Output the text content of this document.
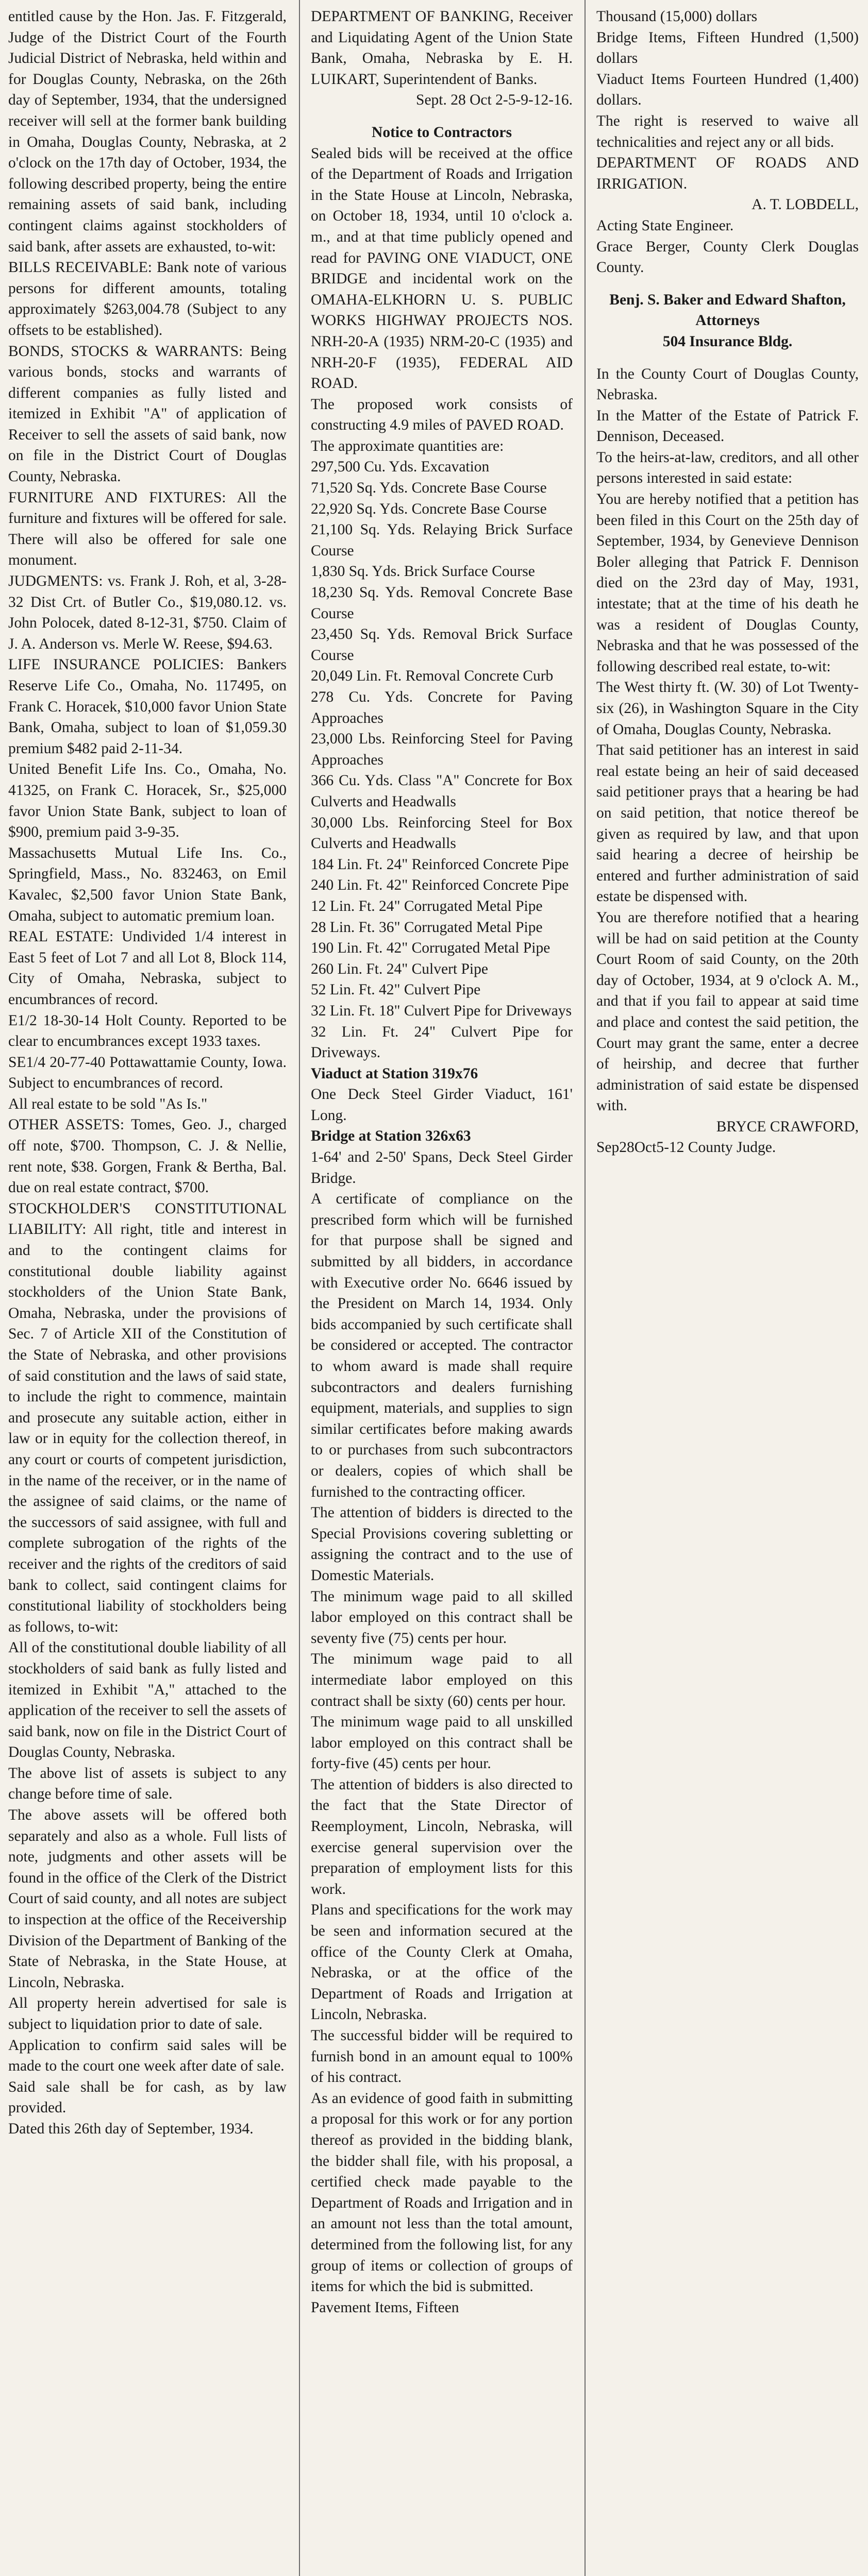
entitled cause by the Hon. Jas. F. Fitzgerald, Judge of the District Court of the Fourth Judicial District of Nebraska, held within and for Douglas County, Nebraska, on the 26th day of September, 1934, that the undersigned receiver will sell at the former bank building in Omaha, Douglas County, Nebraska, at 2 o'clock on the 17th day of October, 1934, the following described property, being the entire remaining assets of said bank, including contingent claims against stockholders of said bank, after assets are exhausted, to-wit:

BILLS RECEIVABLE: Bank note of various persons for different amounts, totaling approximately $263,004.78 (Subject to any offsets to be established).

BONDS, STOCKS & WARRANTS: Being various bonds, stocks and warrants of different companies as fully listed and itemized in Exhibit "A" of application of Receiver to sell the assets of said bank, now on file in the District Court of Douglas County, Nebraska.

FURNITURE AND FIXTURES: All the furniture and fixtures will be offered for sale. There will also be offered for sale one monument.

JUDGMENTS: vs. Frank J. Roh, et al, 3-28-32 Dist Crt. of Butler Co., $19,080.12. vs. John Polocek, dated 8-12-31, $750. Claim of J. A. Anderson vs. Merle W. Reese, $94.63.

LIFE INSURANCE POLICIES: Bankers Reserve Life Co., Omaha, No. 117495, on Frank C. Horacek, $10,000 favor Union State Bank, Omaha, subject to loan of $1,059.30 premium $482 paid 2-11-34.

United Benefit Life Ins. Co., Omaha, No. 41325, on Frank C. Horacek, Sr., $25,000 favor Union State Bank, subject to loan of $900, premium paid 3-9-35.

Massachusetts Mutual Life Ins. Co., Springfield, Mass., No. 832463, on Emil Kavalec, $2,500 favor Union State Bank, Omaha, subject to automatic premium loan.

REAL ESTATE: Undivided 1/4 interest in East 5 feet of Lot 7 and all Lot 8, Block 114, City of Omaha, Nebraska, subject to encumbrances of record.

E1/2 18-30-14 Holt County. Reported to be clear to encumbrances except 1933 taxes.

SE1/4 20-77-40 Pottawattamie County, Iowa. Subject to encumbrances of record.

All real estate to be sold "As Is."

OTHER ASSETS: Tomes, Geo. J., charged off note, $700. Thompson, C. J. & Nellie, rent note, $38. Gorgen, Frank & Bertha, Bal. due on real estate contract, $700.

STOCKHOLDER'S CONSTITUTIONAL LIABILITY: All right, title and interest in and to the contingent claims for constitutional double liability against stockholders of the Union State Bank, Omaha, Nebraska, under the provisions of Sec. 7 of Article XII of the Constitution of the State of Nebraska, and other provisions of said constitution and the laws of said state, to include the right to commence, maintain and prosecute any suitable action, either in law or in equity for the collection thereof, in any court or courts of competent jurisdiction, in the name of the receiver, or in the name of the assignee of said claims, or the name of the successors of said assignee, with full and complete subrogation of the rights of the receiver and the rights of the creditors of said bank to collect, said contingent claims for constitutional liability of stockholders being as follows, to-wit:

All of the constitutional double liability of all stockholders of said bank as fully listed and itemized in Exhibit "A," attached to the application of the receiver to sell the assets of said bank, now on file in the District Court of Douglas County, Nebraska.

The above list of assets is subject to any change before time of sale.

The above assets will be offered both separately and also as a whole. Full lists of note, judgments and other assets will be found in the office of the Clerk of the District Court of said county, and all notes are subject to inspection at the office of the Receivership Division of the Department of Banking of the State of Nebraska, in the State House, at Lincoln, Nebraska.

All property herein advertised for sale is subject to liquidation prior to date of sale.

Application to confirm said sales will be made to the court one week after date of sale.

Said sale shall be for cash, as by law provided.

Dated this 26th day of September, 1934.

DEPARTMENT OF BANKING, Receiver and Liquidating Agent of the Union State Bank, Omaha, Nebraska by E. H. LUIKART, Superintendent of Banks.

Sept. 28 Oct 2-5-9-12-16.

Notice to Contractors

Sealed bids will be received at the office of the Department of Roads and Irrigation in the State House at Lincoln, Nebraska, on October 18, 1934, until 10 o'clock a. m., and at that time publicly opened and read for PAVING ONE VIADUCT, ONE BRIDGE and incidental work on the OMAHA-ELKHORN U. S. PUBLIC WORKS HIGHWAY PROJECTS NOS. NRH-20-A (1935) NRM-20-C (1935) and NRH-20-F (1935), FEDERAL AID ROAD.

The proposed work consists of constructing 4.9 miles of PAVED ROAD.

The approximate quantities are:

297,500 Cu. Yds. Excavation

71,520 Sq. Yds. Concrete Base Course

22,920 Sq. Yds. Concrete Base Course

21,100 Sq. Yds. Relaying Brick Surface Course

1,830 Sq. Yds. Brick Surface Course

18,230 Sq. Yds. Removal Concrete Base Course

23,450 Sq. Yds. Removal Brick Surface Course

20,049 Lin. Ft. Removal Concrete Curb

278 Cu. Yds. Concrete for Paving Approaches

23,000 Lbs. Reinforcing Steel for Paving Approaches

366 Cu. Yds. Class "A" Concrete for Box Culverts and Headwalls

30,000 Lbs. Reinforcing Steel for Box Culverts and Headwalls

184 Lin. Ft. 24" Reinforced Concrete Pipe

240 Lin. Ft. 42" Reinforced Concrete Pipe

12 Lin. Ft. 24" Corrugated Metal Pipe

28 Lin. Ft. 36" Corrugated Metal Pipe

190 Lin. Ft. 42" Corrugated Metal Pipe

260 Lin. Ft. 24" Culvert Pipe

52 Lin. Ft. 42" Culvert Pipe

32 Lin. Ft. 18" Culvert Pipe for Driveways

32 Lin. Ft. 24" Culvert Pipe for Driveways.

Viaduct at Station 319x76

One Deck Steel Girder Viaduct, 161' Long.

Bridge at Station 326x63

1-64' and 2-50' Spans, Deck Steel Girder Bridge.

A certificate of compliance on the prescribed form which will be furnished for that purpose shall be signed and submitted by all bidders, in accordance with Executive order No. 6646 issued by the President on March 14, 1934. Only bids accompanied by such certificate shall be considered or accepted. The contractor to whom award is made shall require subcontractors and dealers furnishing equipment, materials, and supplies to sign similar certificates before making awards to or purchases from such subcontractors or dealers, copies of which shall be furnished to the contracting officer.

The attention of bidders is directed to the Special Provisions covering subletting or assigning the contract and to the use of Domestic Materials.

The minimum wage paid to all skilled labor employed on this contract shall be seventy five (75) cents per hour.

The minimum wage paid to all intermediate labor employed on this contract shall be sixty (60) cents per hour.

The minimum wage paid to all unskilled labor employed on this contract shall be forty-five (45) cents per hour.

The attention of bidders is also directed to the fact that the State Director of Reemployment, Lincoln, Nebraska, will exercise general supervision over the preparation of employment lists for this work.

Plans and specifications for the work may be seen and information secured at the office of the County Clerk at Omaha, Nebraska, or at the office of the Department of Roads and Irrigation at Lincoln, Nebraska.

The successful bidder will be required to furnish bond in an amount equal to 100% of his contract.

As an evidence of good faith in submitting a proposal for this work or for any portion thereof as provided in the bidding blank, the bidder shall file, with his proposal, a certified check made payable to the Department of Roads and Irrigation and in an amount not less than the total amount, determined from the following list, for any group of items or collection of groups of items for which the bid is submitted.

Pavement Items, Fifteen

Thousand (15,000) dollars

Bridge Items, Fifteen Hundred (1,500) dollars

Viaduct Items Fourteen Hundred (1,400) dollars.

The right is reserved to waive all technicalities and reject any or all bids.

DEPARTMENT OF ROADS AND IRRIGATION.

A. T. LOBDELL,

Acting State Engineer.

Grace Berger, County Clerk Douglas County.

Benj. S. Baker and Edward Shafton, Attorneys

504 Insurance Bldg.

In the County Court of Douglas County, Nebraska.

In the Matter of the Estate of Patrick F. Dennison, Deceased.

To the heirs-at-law, creditors, and all other persons interested in said estate:

You are hereby notified that a petition has been filed in this Court on the 25th day of September, 1934, by Genevieve Dennison Boler alleging that Patrick F. Dennison died on the 23rd day of May, 1931, intestate; that at the time of his death he was a resident of Douglas County, Nebraska and that he was possessed of the following described real estate, to-wit:

The West thirty ft. (W. 30) of Lot Twenty-six (26), in Washington Square in the City of Omaha, Douglas County, Nebraska.

That said petitioner has an interest in said real estate being an heir of said deceased said petitioner prays that a hearing be had on said petition, that notice thereof be given as required by law, and that upon said hearing a decree of heirship be entered and further administration of said estate be dispensed with.

You are therefore notified that a hearing will be had on said petition at the County Court Room of said County, on the 20th day of October, 1934, at 9 o'clock A. M., and that if you fail to appear at said time and place and contest the said petition, the Court may grant the same, enter a decree of heirship, and decree that further administration of said estate be dispensed with.

BRYCE CRAWFORD,

Sep28Oct5-12 County Judge.
